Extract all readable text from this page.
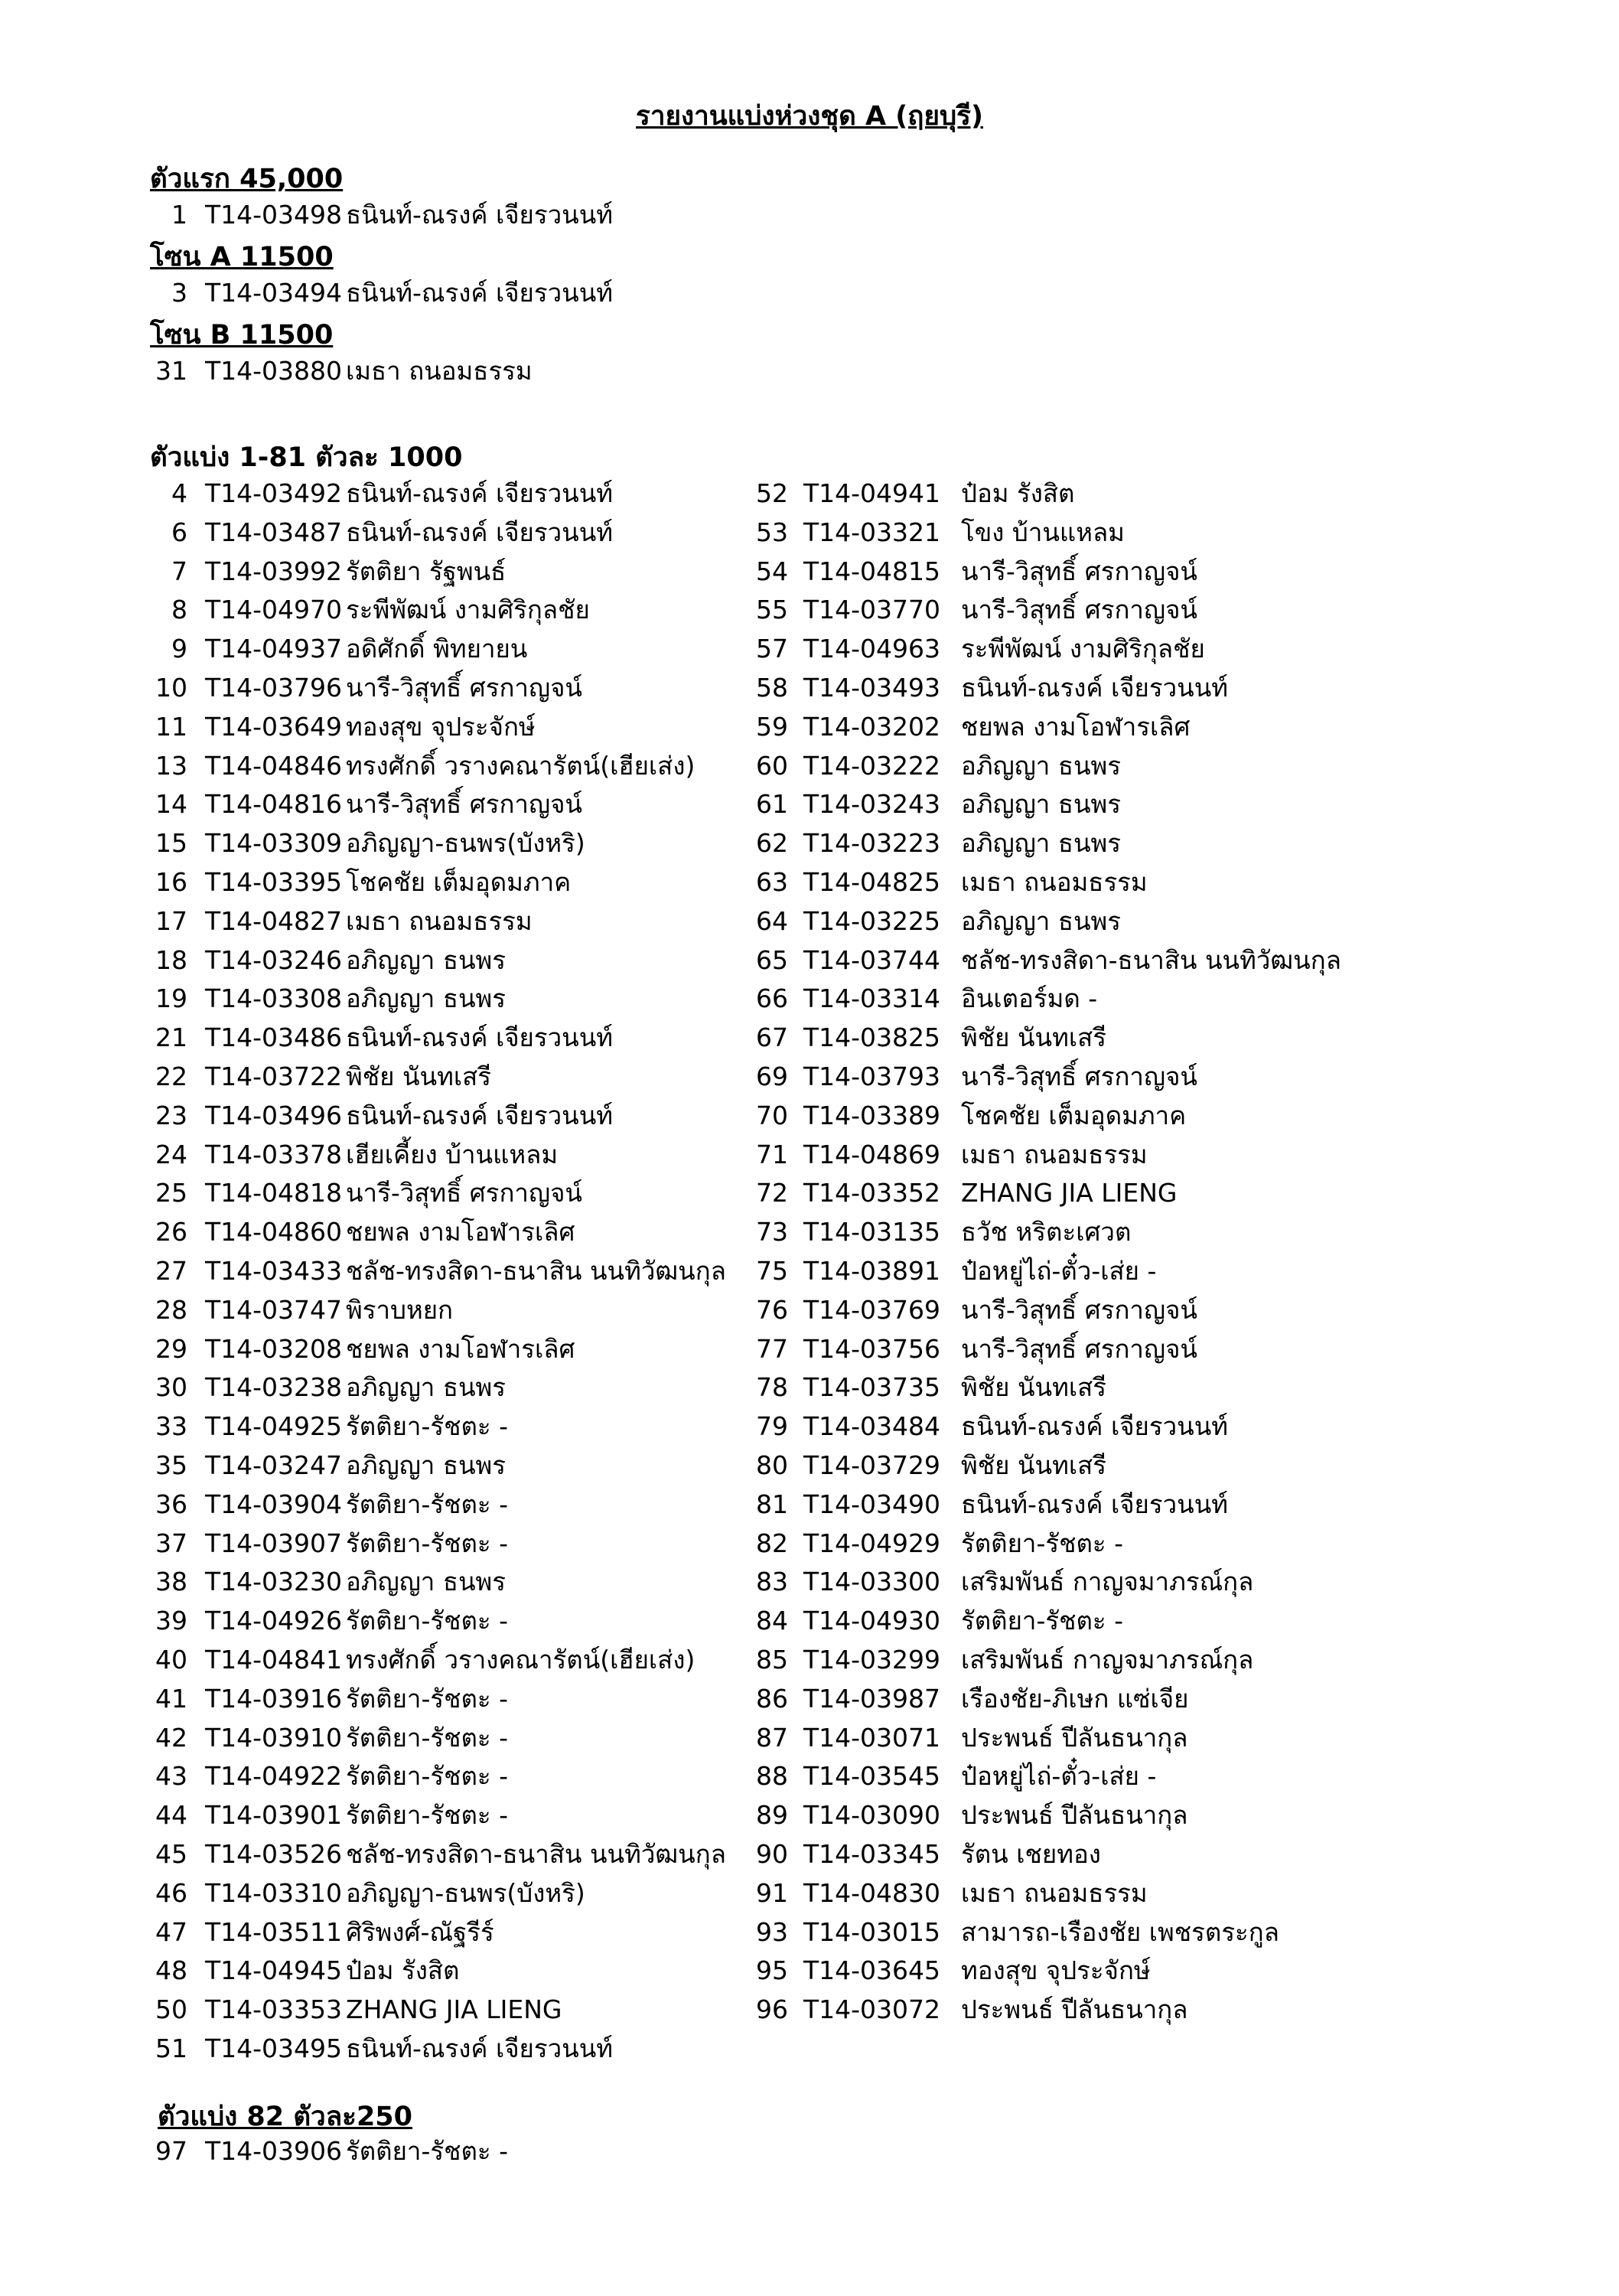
รายงานแบ่งห่วงชุด A (ฤยบุรี)
ตัวแรก 45,000
1 T14-03498 ธนินท์-ณรงค์ เจียรวนนท์
โซน A 11500
3 T14-03494 ธนินท์-ณรงค์ เจียรวนนท์
โซน B 11500
31 T14-03880 เมธา ถนอมธรรม
ตัวแบ่ง 1-81 ตัวละ 1000
4 T14-03492 ธนินท์-ณรงค์ เจียรวนนท์
6 T14-03487 ธนินท์-ณรงค์ เจียรวนนท์
7 T14-03992 รัตติยา รัฐพนธ์
8 T14-04970 ระพีพัฒน์ งามศิริกุลชัย
9 T14-04937 อดิศักดิ์ พิทยายน
10 T14-03796 นารี-วิสุทธิ์ ศรกาญจน์
11 T14-03649 ทองสุข จุประจักษ์
13 T14-04846 ทรงศักดิ์ วรางคณารัตน์(เฮียเส่ง)
14 T14-04816 นารี-วิสุทธิ์ ศรกาญจน์
15 T14-03309 อภิญญา-ธนพร(บังหริ)
16 T14-03395 โชคชัย เต็มอุดมภาค
17 T14-04827 เมธา ถนอมธรรม
18 T14-03246 อภิญญา ธนพร
19 T14-03308 อภิญญา ธนพร
21 T14-03486 ธนินท์-ณรงค์ เจียรวนนท์
22 T14-03722 พิชัย นันทเสรี
23 T14-03496 ธนินท์-ณรงค์ เจียรวนนท์
24 T14-03378 เฮียเคี้ยง บ้านแหลม
25 T14-04818 นารี-วิสุทธิ์ ศรกาญจน์
26 T14-04860 ชยพล งามโอฬารเลิศ
27 T14-03433 ชลัช-ทรงสิดา-ธนาสิน นนทิวัฒนกุล
28 T14-03747 พิราบหยก
29 T14-03208 ชยพล งามโอฬารเลิศ
30 T14-03238 อภิญญา ธนพร
33 T14-04925 รัตติยา-รัชตะ -
35 T14-03247 อภิญญา ธนพร
36 T14-03904 รัตติยา-รัชตะ -
37 T14-03907 รัตติยา-รัชตะ -
38 T14-03230 อภิญญา ธนพร
39 T14-04926 รัตติยา-รัชตะ -
40 T14-04841 ทรงศักดิ์ วรางคณารัตน์(เฮียเส่ง)
41 T14-03916 รัตติยา-รัชตะ -
42 T14-03910 รัตติยา-รัชตะ -
43 T14-04922 รัตติยา-รัชตะ -
44 T14-03901 รัตติยา-รัชตะ -
45 T14-03526 ชลัช-ทรงสิดา-ธนาสิน นนทิวัฒนกุล
46 T14-03310 อภิญญา-ธนพร(บังหริ)
47 T14-03511 ศิริพงศ์-ณัฐรีร์
48 T14-04945 ป๋อม รังสิต
50 T14-03353 ZHANG JIA LIENG
51 T14-03495 ธนินท์-ณรงค์ เจียรวนนท์
52 T14-04941 ป๋อม รังสิต
53 T14-03321 โขง บ้านแหลม
54 T14-04815 นารี-วิสุทธิ์ ศรกาญจน์
55 T14-03770 นารี-วิสุทธิ์ ศรกาญจน์
57 T14-04963 ระพีพัฒน์ งามศิริกุลชัย
58 T14-03493 ธนินท์-ณรงค์ เจียรวนนท์
59 T14-03202 ชยพล งามโอฬารเลิศ
60 T14-03222 อภิญญา ธนพร
61 T14-03243 อภิญญา ธนพร
62 T14-03223 อภิญญา ธนพร
63 T14-04825 เมธา ถนอมธรรม
64 T14-03225 อภิญญา ธนพร
65 T14-03744 ชลัช-ทรงสิดา-ธนาสิน นนทิวัฒนกุล
66 T14-03314 อินเตอร์มด -
67 T14-03825 พิชัย นันทเสรี
69 T14-03793 นารี-วิสุทธิ์ ศรกาญจน์
70 T14-03389 โชคชัย เต็มอุดมภาค
71 T14-04869 เมธา ถนอมธรรม
72 T14-03352 ZHANG JIA LIENG
73 T14-03135 ธวัช หริตะเศวต
75 T14-03891 ป๋อหยู่ไถ่-ตั๋ว-เส่ย -
76 T14-03769 นารี-วิสุทธิ์ ศรกาญจน์
77 T14-03756 นารี-วิสุทธิ์ ศรกาญจน์
78 T14-03735 พิชัย นันทเสรี
79 T14-03484 ธนินท์-ณรงค์ เจียรวนนท์
80 T14-03729 พิชัย นันทเสรี
81 T14-03490 ธนินท์-ณรงค์ เจียรวนนท์
82 T14-04929 รัตติยา-รัชตะ -
83 T14-03300 เสริมพันธ์ กาญจมาภรณ์กุล
84 T14-04930 รัตติยา-รัชตะ -
85 T14-03299 เสริมพันธ์ กาญจมาภรณ์กุล
86 T14-03987 เรืองชัย-ภิเษก แซ่เจีย
87 T14-03071 ประพนธ์ ปีลันธนากุล
88 T14-03545 ป๋อหยู่ไถ่-ตั๋ว-เส่ย -
89 T14-03090 ประพนธ์ ปีลันธนากุล
90 T14-03345 รัตน เชยทอง
91 T14-04830 เมธา ถนอมธรรม
93 T14-03015 สามารถ-เรืองชัย เพชรตระกูล
95 T14-03645 ทองสุข จุประจักษ์
96 T14-03072 ประพนธ์ ปีลันธนากุล
ตัวแบ่ง 82 ตัวละ250
97 T14-03906 รัตติยา-รัชตะ -
